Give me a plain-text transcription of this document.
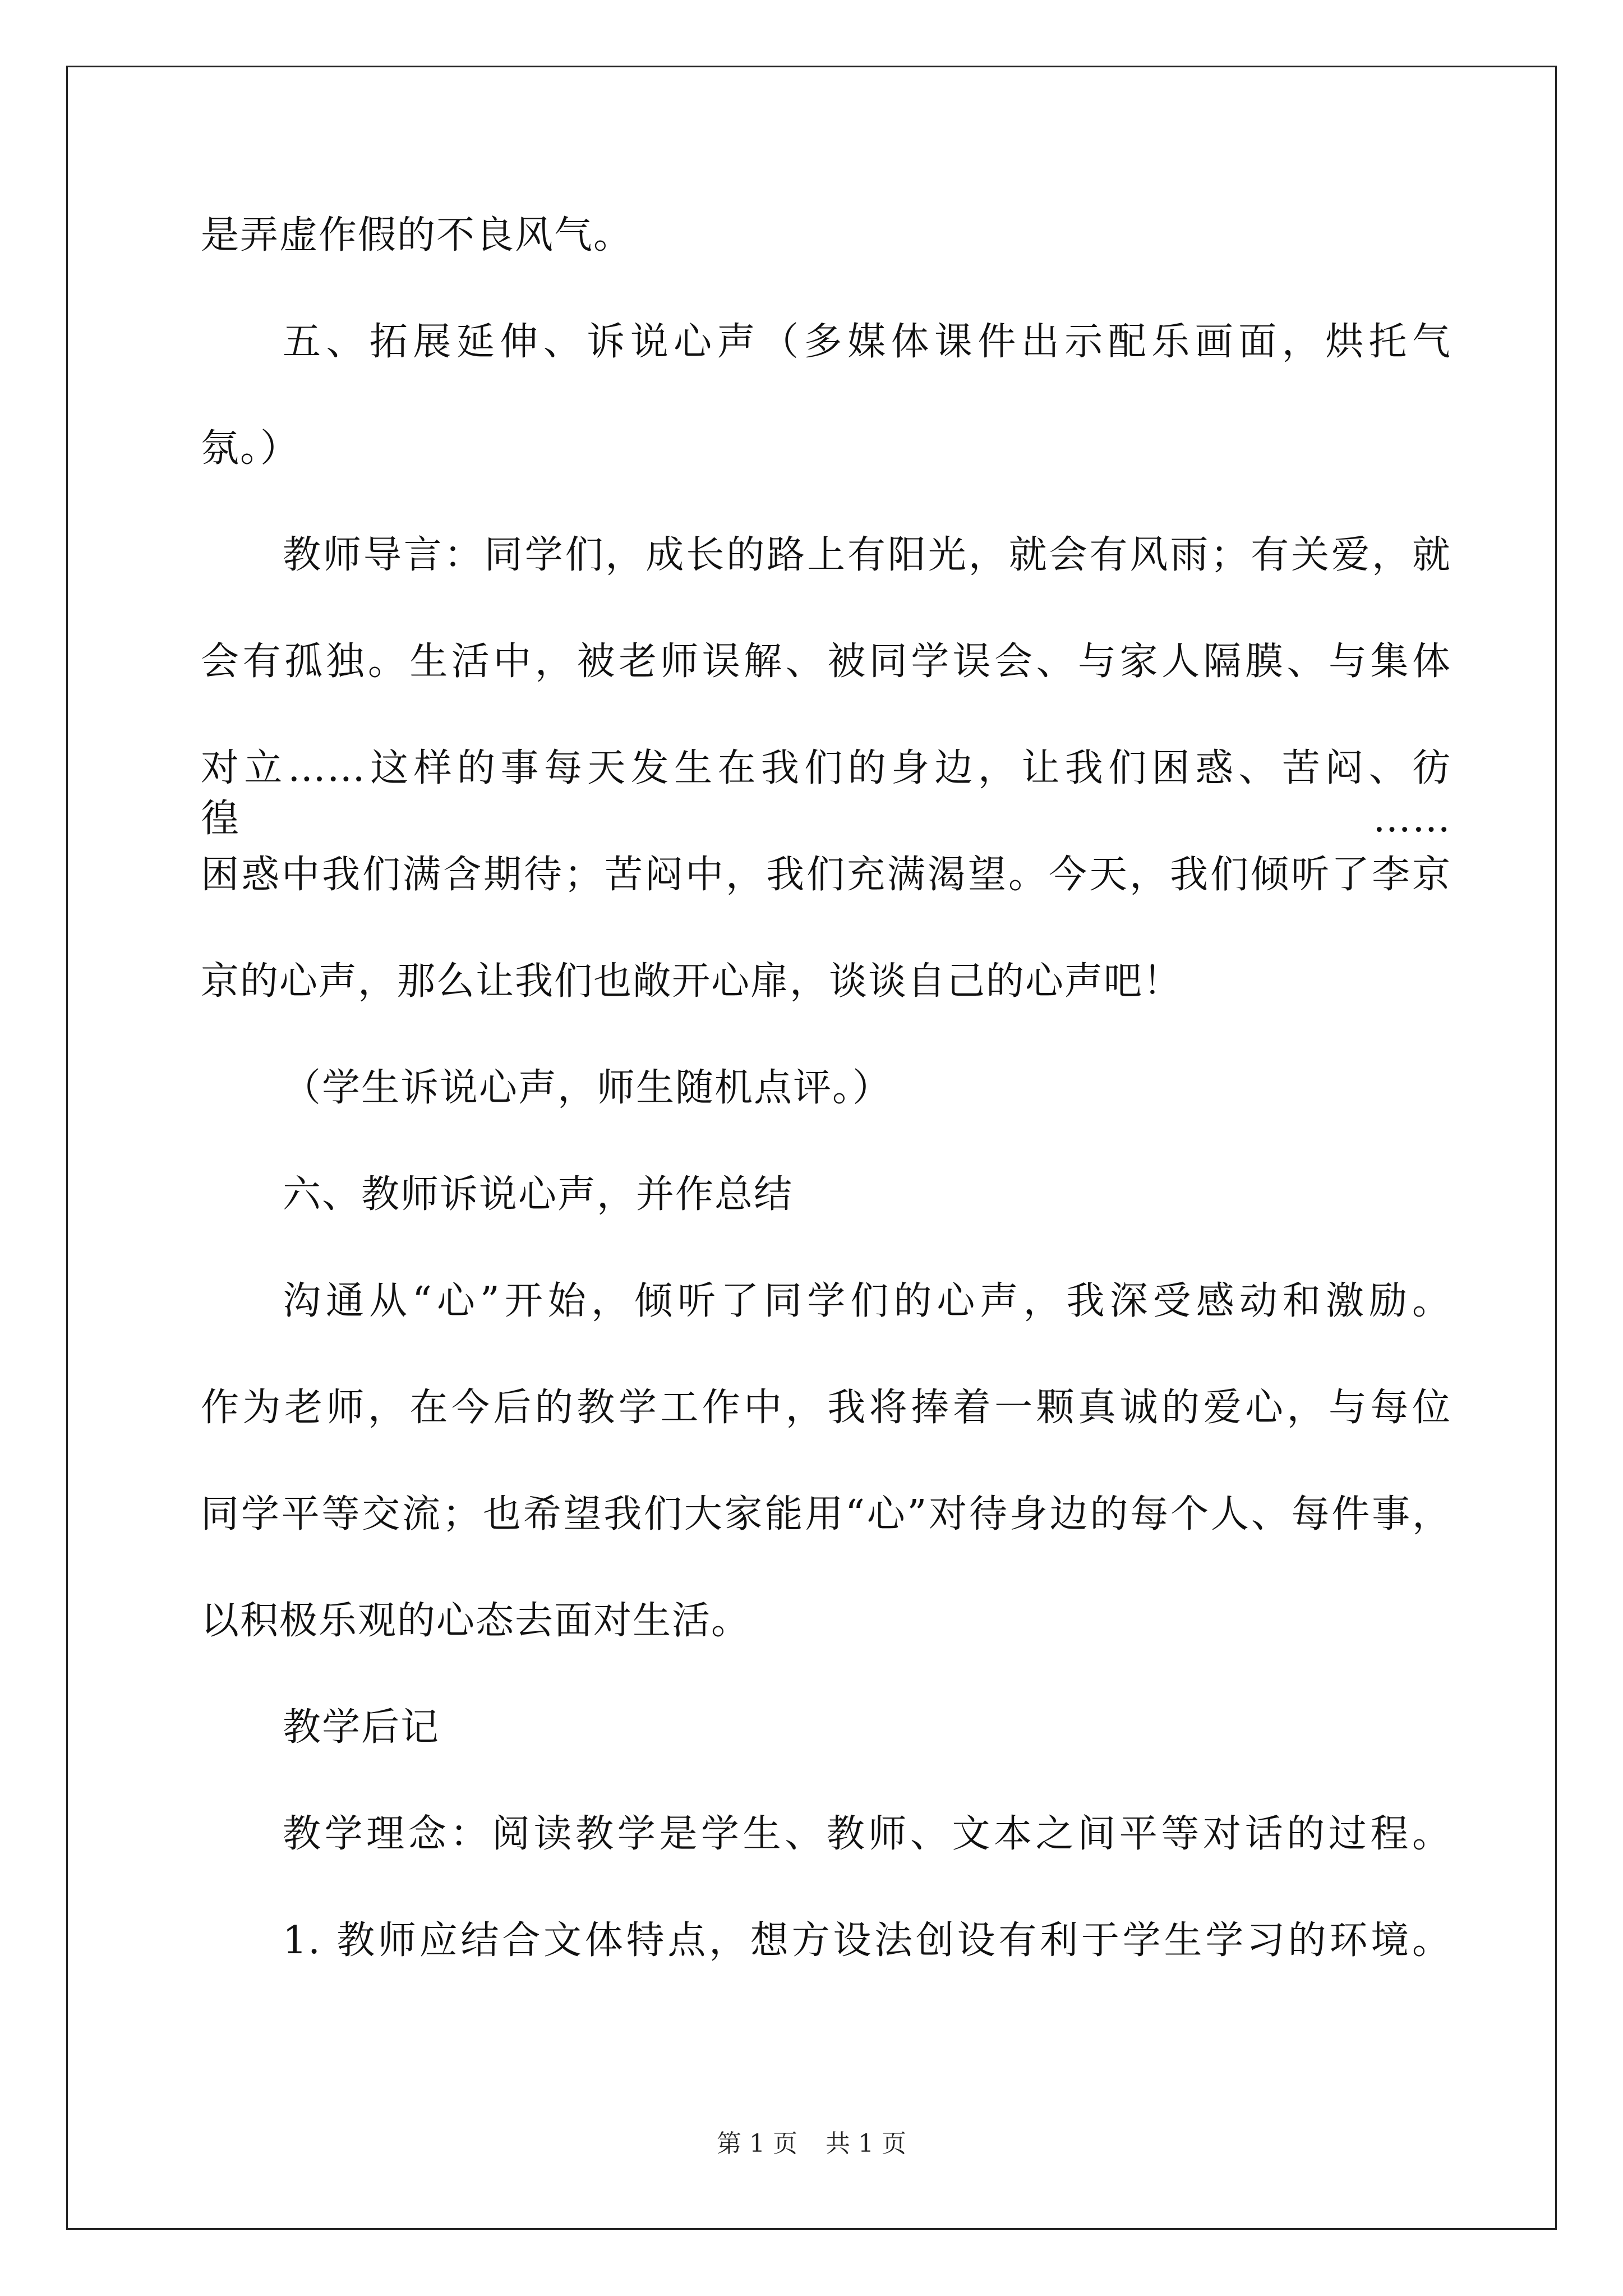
是弄虚作假的不良风气。
五、拓展延伸、诉说心声（多媒体课件出示配乐画面，烘托气
氛。）
教师导言：同学们，成长的路上有阳光，就会有风雨；有关爱，就
会有孤独。生活中，被老师误解、被同学误会、与家人隔膜、与集体
对立……这样的事每天发生在我们的身边，让我们困惑、苦闷、彷徨……
困惑中我们满含期待；苦闷中，我们充满渴望。今天，我们倾听了李京
京的心声，那么让我们也敞开心扉，谈谈自己的心声吧！
（学生诉说心声，师生随机点评。）
六、教师诉说心声，并作总结
沟通从“心”开始，倾听了同学们的心声，我深受感动和激励。
作为老师，在今后的教学工作中，我将捧着一颗真诚的爱心，与每位
同学平等交流；也希望我们大家能用“心”对待身边的每个人、每件事，
以积极乐观的心态去面对生活。
教学后记
教学理念：阅读教学是学生、教师、文本之间平等对话的过程。
1. 教师应结合文体特点，想方设法创设有利于学生学习的环境。
第 1 页 共 1 页
